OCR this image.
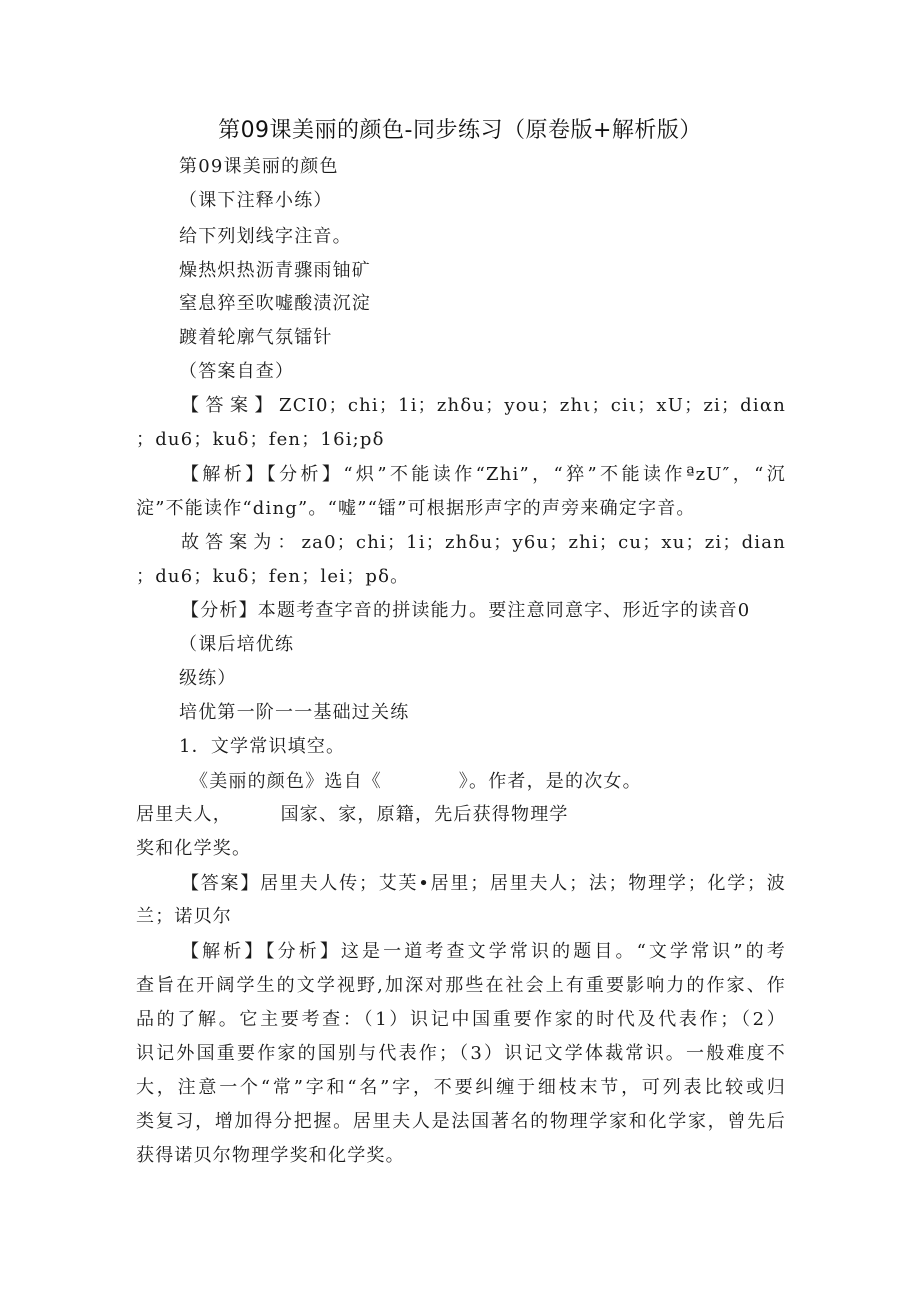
第09课美丽的颜色-同步练习（原卷版+解析版）
第09课美丽的颜色
（课下注释小练）
给下列划线字注音。
燥热炽热沥青骤雨铀矿
窒息猝至吹嘘酸渍沉淀
踱着轮廓气氛镭针
（答案自查）
【答案】ZCI0；chi；1i；zhδu；you；zhι；ciι；xU；zi；diαn
；du6；kuδ；fen；16i;pδ
【解析】【分析】“炽”不能读作“Zhi”，“猝”不能读作ªzU″，“沉
淀”不能读作“ding”。“嘘”“镭”可根据形声字的声旁来确定字音。
故答案为：za0；chi；1i；zhδu；y6u；zhi；cu；xu；zi；dian
；du6；kuδ；fen；lei；pδ。
【分析】本题考查字音的拼读能力。要注意同意字、形近字的读音0
（课后培优练
级练）
培优第一阶一一基础过关练
1．文学常识填空。
《美丽的颜色》选自《　　　　》。作者，是的次女。
居里夫人，　　　国家、家，原籍，先后获得物理学
奖和化学奖。
【答案】居里夫人传；艾芙•居里；居里夫人；法；物理学；化学；波
兰；诺贝尔
【解析】【分析】这是一道考查文学常识的题目。“文学常识”的考
查旨在开阔学生的文学视野,加深对那些在社会上有重要影响力的作家、作
品的了解。它主要考查：（1）识记中国重要作家的时代及代表作；（2）
识记外国重要作家的国别与代表作；（3）识记文学体裁常识。一般难度不
大，注意一个“常”字和“名”字，不要纠缠于细枝末节，可列表比较或归
类复习，增加得分把握。居里夫人是法国著名的物理学家和化学家，曾先后
获得诺贝尔物理学奖和化学奖。
